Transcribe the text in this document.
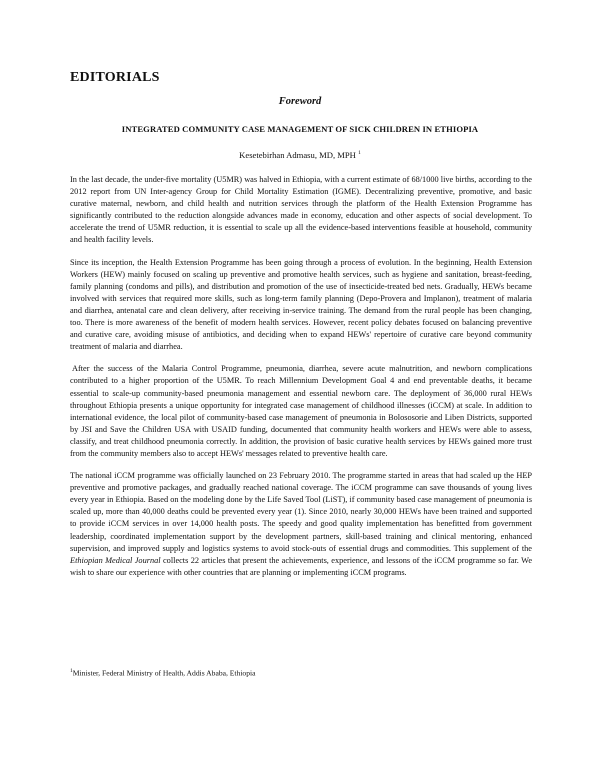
EDITORIALS
Foreword
INTEGRATED COMMUNITY CASE MANAGEMENT OF SICK CHILDREN IN ETHIOPIA
Kesetebirhan Admasu, MD, MPH $^1$

In the last decade, the under-five mortality (U5MR) was halved in Ethiopia, with a current estimate of 68/1000 live births, according to the 2012 report from UN Inter-agency Group for Child Mortality Estimation (IGME). Decentralizing preventive, promotive, and basic curative maternal, newborn, and child health and nutrition services through the platform of the Health Extension Programme has significantly contributed to the reduction alongside advances made in economy, education and other aspects of social development. To accelerate the trend of U5MR reduction, it is essential to scale up all the evidence-based interventions feasible at household, community and health facility levels.

Since its inception, the Health Extension Programme has been going through a process of evolution. In the beginning, Health Extension Workers (HEW) mainly focused on scaling up preventive and promotive health services, such as hygiene and sanitation, breast-feeding, family planning (condoms and pills), and distribution and promotion of the use of insecticide-treated bed nets. Gradually, HEWs became involved with services that required more skills, such as long-term family planning (Depo-Provera and Implanon), treatment of malaria and diarrhea, antenatal care and clean delivery, after receiving in-service training. The demand from the rural people has been changing, too. There is more awareness of the benefit of modern health services. However, recent policy debates focused on balancing preventive and curative care, avoiding misuse of antibiotics, and deciding when to expand HEWs' repertoire of curative care beyond community treatment of malaria and diarrhea.

After the success of the Malaria Control Programme, pneumonia, diarrhea, severe acute malnutrition, and newborn complications contributed to a higher proportion of the U5MR. To reach Millennium Development Goal 4 and end preventable deaths, it became essential to scale-up community-based pneumonia management and essential newborn care. The deployment of 36,000 rural HEWs throughout Ethiopia presents a unique opportunity for integrated case management of childhood illnesses (iCCM) at scale. In addition to international evidence, the local pilot of community-based case management of pneumonia in Bolososorie and Liben Districts, supported by JSI and Save the Children USA with USAID funding, documented that community health workers and HEWs were able to assess, classify, and treat childhood pneumonia correctly. In addition, the provision of basic curative health services by HEWs gained more trust from the community members also to accept HEWs' messages related to preventive health care.

The national iCCM programme was officially launched on 23 February 2010. The programme started in areas that had scaled up the HEP preventive and promotive packages, and gradually reached national coverage. The iCCM programme can save thousands of young lives every year in Ethiopia. Based on the modeling done by the Life Saved Tool (LiST), if community based case management of pneumonia is scaled up, more than 40,000 deaths could be prevented every year (1). Since 2010, nearly 30,000 HEWs have been trained and supported to provide iCCM services in over 14,000 health posts. The speedy and good quality implementation has benefitted from government leadership, coordinated implementation support by the development partners, skill-based training and clinical mentoring, enhanced supervision, and improved supply and logistics systems to avoid stock-outs of essential drugs and commodities. This supplement of the Ethiopian Medical Journal collects 22 articles that present the achievements, experience, and lessons of the iCCM programme so far. We wish to share our experience with other countries that are planning or implementing iCCM programs.

$^1$Minister, Federal Ministry of Health, Addis Ababa, Ethiopia
